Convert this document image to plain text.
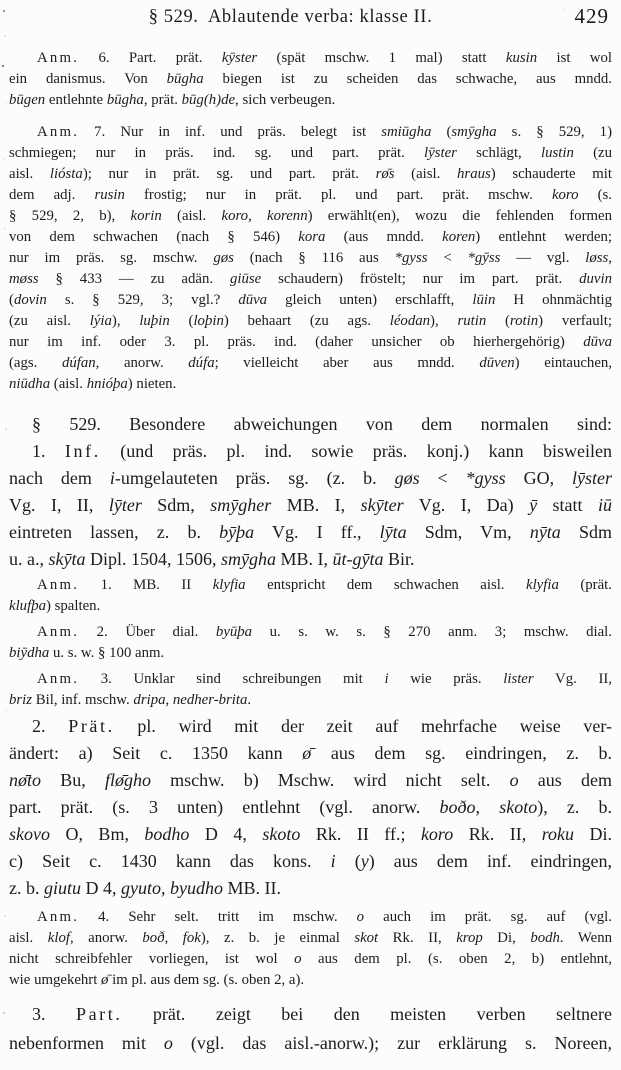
§ 529.  Ablautende verba: klasse II.	429
Anm. 6. Part. prät. kȳster (spät mschw. 1 mal) statt kusin ist wol
ein danismus. Von būgha biegen ist zu scheiden das schwache, aus mndd.
būgen entlehnte būgha, prät. būg(h)de, sich verbeugen.
Anm. 7. Nur in inf. und präs. belegt ist smiūgha (smȳgha s. § 529, 1)
schmiegen; nur in präs. ind. sg. und part. prät. lȳster schlägt, lustin (zu
aisl. liósta); nur in prät. sg. und part. prät. rø̄s (aisl. hraus) schauderte mit
dem adj. rusin frostig; nur in prät. pl. und part. prät. mschw. koro (s.
§ 529, 2, b), korin (aisl. koro, korenn) erwählt(en), wozu die fehlenden formen
von dem schwachen (nach § 546) kora (aus mndd. koren) entlehnt werden;
nur im präs. sg. mschw. gøs (nach § 116 aus *gyss < *gȳss — vgl. løss,
møss § 433 — zu adän. giūse schaudern) fröstelt; nur im part. prät. duvin
(dovin s. § 529, 3; vgl.? dūva gleich unten) erschlafft, lūin H ohnmächtig
(zu aisl. lýia), luþin (loþin) behaart (zu ags. léodan), rutin (rotin) verfault;
nur im inf. oder 3. pl. präs. ind. (daher unsicher ob hierhergehörig) dūva
(ags. dúfan, anorw. dúfa; vielleicht aber aus mndd. dūven) eintauchen,
niūdha (aisl. hnióþa) nieten.
§ 529. Besondere abweichungen von dem normalen sind:
1. Inf. (und präs. pl. ind. sowie präs. konj.) kann bisweilen
nach dem i-umgelauteten präs. sg. (z. b. gøs < *gyss GO, lȳster
Vg. I, II, lȳter Sdm, smȳgher MB. I, skȳter Vg. I, Da) ȳ statt iū
eintreten lassen, z. b. bȳþa Vg. I ff., lȳta Sdm, Vm, nȳta Sdm
u. a., skȳta Dipl. 1504, 1506, smȳgha MB. I, ūt-gȳta Bir.
Anm. 1. MB. II klyfia entspricht dem schwachen aisl. klyfia (prät.
klufþa) spalten.
Anm. 2. Über dial. byūþa u. s. w. s. § 270 anm. 3; mschw. dial.
biȳdha u. s. w. § 100 anm.
Anm. 3. Unklar sind schreibungen mit i wie präs. lister Vg. II,
briz Bil, inf. mschw. dripa, nedher-brita.
2. Prät. pl. wird mit der zeit auf mehrfache weise ver-
ändert: a) Seit c. 1350 kann ø̄ aus dem sg. eindringen, z. b.
nø̄to Bu, flø̄gho mschw. b) Mschw. wird nicht selt. o aus dem
part. prät. (s. 3 unten) entlehnt (vgl. anorw. boðo, skoto), z. b.
skovo O, Bm, bodho D 4, skoto Rk. II ff.; koro Rk. II, roku Di.
c) Seit c. 1430 kann das kons. i (y) aus dem inf. eindringen,
z. b. giutu D 4, gyuto, byudho MB. II.
Anm. 4. Sehr selt. tritt im mschw. o auch im prät. sg. auf (vgl.
aisl. klof, anorw. boð, fok), z. b. je einmal skot Rk. II, krop Di, bodh. Wenn
nicht schreibfehler vorliegen, ist wol o aus dem pl. (s. oben 2, b) entlehnt,
wie umgekehrt ø̄ im pl. aus dem sg. (s. oben 2, a).
3. Part. prät. zeigt bei den meisten verben seltnere
nebenformen mit o (vgl. das aisl.-anorw.); zur erklärung s. Noreen,
